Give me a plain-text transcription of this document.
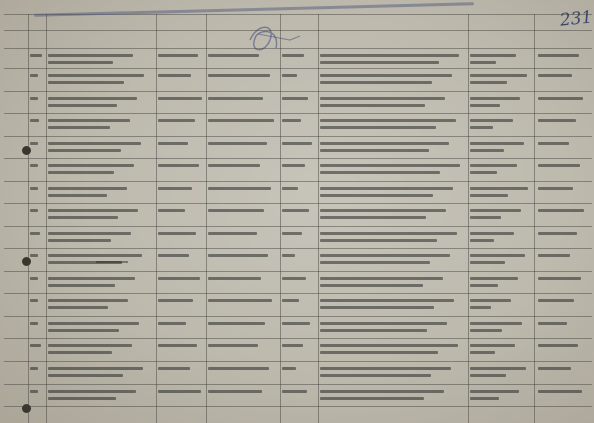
231
